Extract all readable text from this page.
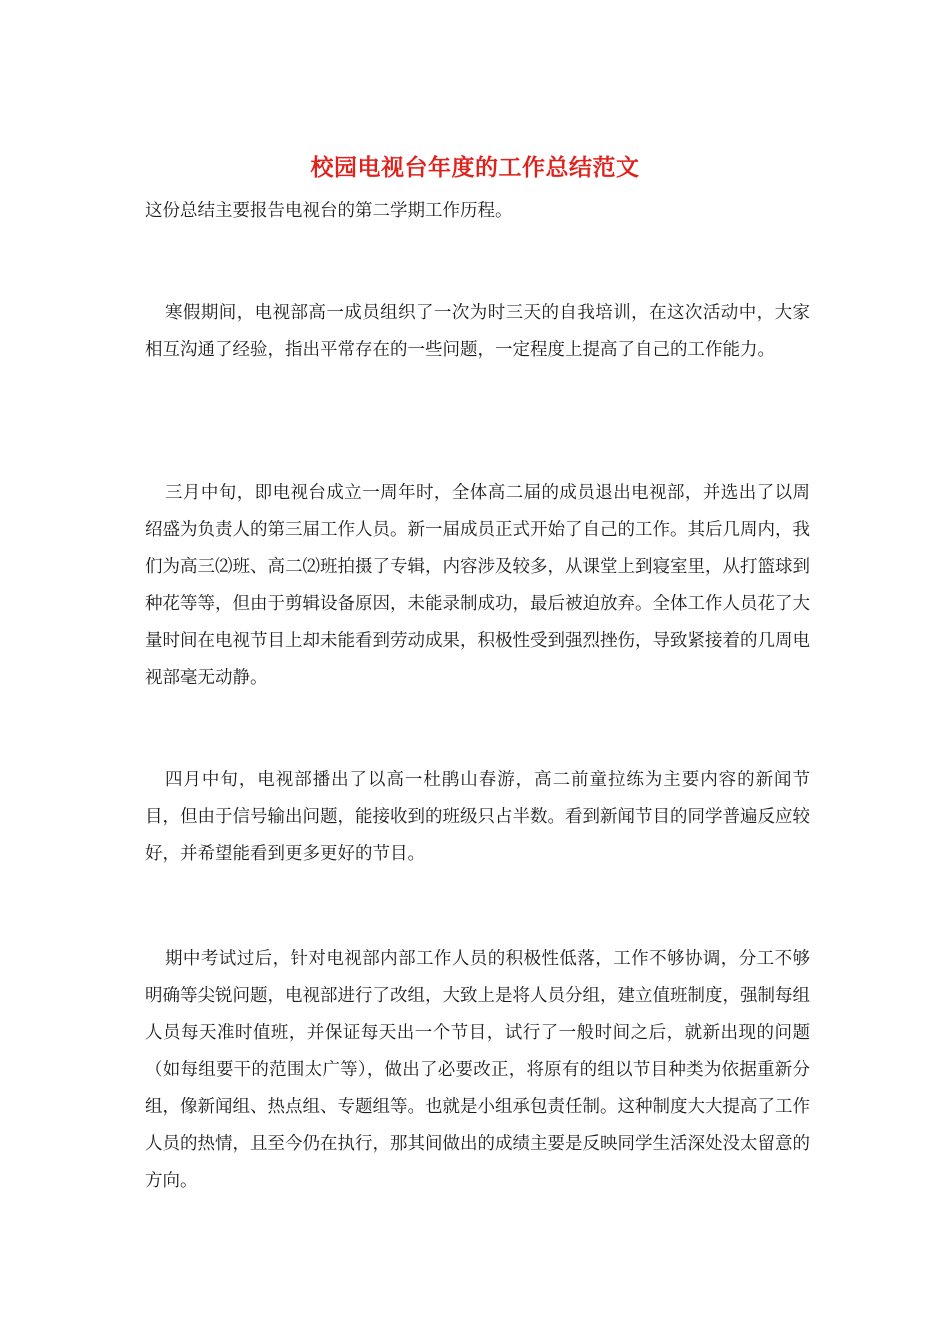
校园电视台年度的工作总结范文
这份总结主要报告电视台的第二学期工作历程。

寒假期间，电视部高一成员组织了一次为时三天的自我培训，在这次活动中，大家相互沟通了经验，指出平常存在的一些问题，一定程度上提高了自己的工作能力。

三月中旬，即电视台成立一周年时，全体高二届的成员退出电视部，并选出了以周绍盛为负责人的第三届工作人员。新一届成员正式开始了自己的工作。其后几周内，我们为高三⑵班、高二⑵班拍摄了专辑，内容涉及较多，从课堂上到寝室里，从打篮球到种花等等，但由于剪辑设备原因，未能录制成功，最后被迫放弃。全体工作人员花了大量时间在电视节目上却未能看到劳动成果，积极性受到强烈挫伤，导致紧接着的几周电视部毫无动静。

四月中旬，电视部播出了以高一杜鹃山春游，高二前童拉练为主要内容的新闻节目，但由于信号输出问题，能接收到的班级只占半数。看到新闻节目的同学普遍反应较好，并希望能看到更多更好的节目。

期中考试过后，针对电视部内部工作人员的积极性低落，工作不够协调，分工不够明确等尖锐问题，电视部进行了改组，大致上是将人员分组，建立值班制度，强制每组人员每天准时值班，并保证每天出一个节目，试行了一般时间之后，就新出现的问题（如每组要干的范围太广等），做出了必要改正，将原有的组以节目种类为依据重新分组，像新闻组、热点组、专题组等。也就是小组承包责任制。这种制度大大提高了工作人员的热情，且至今仍在执行，那其间做出的成绩主要是反映同学生活深处没太留意的方向。
